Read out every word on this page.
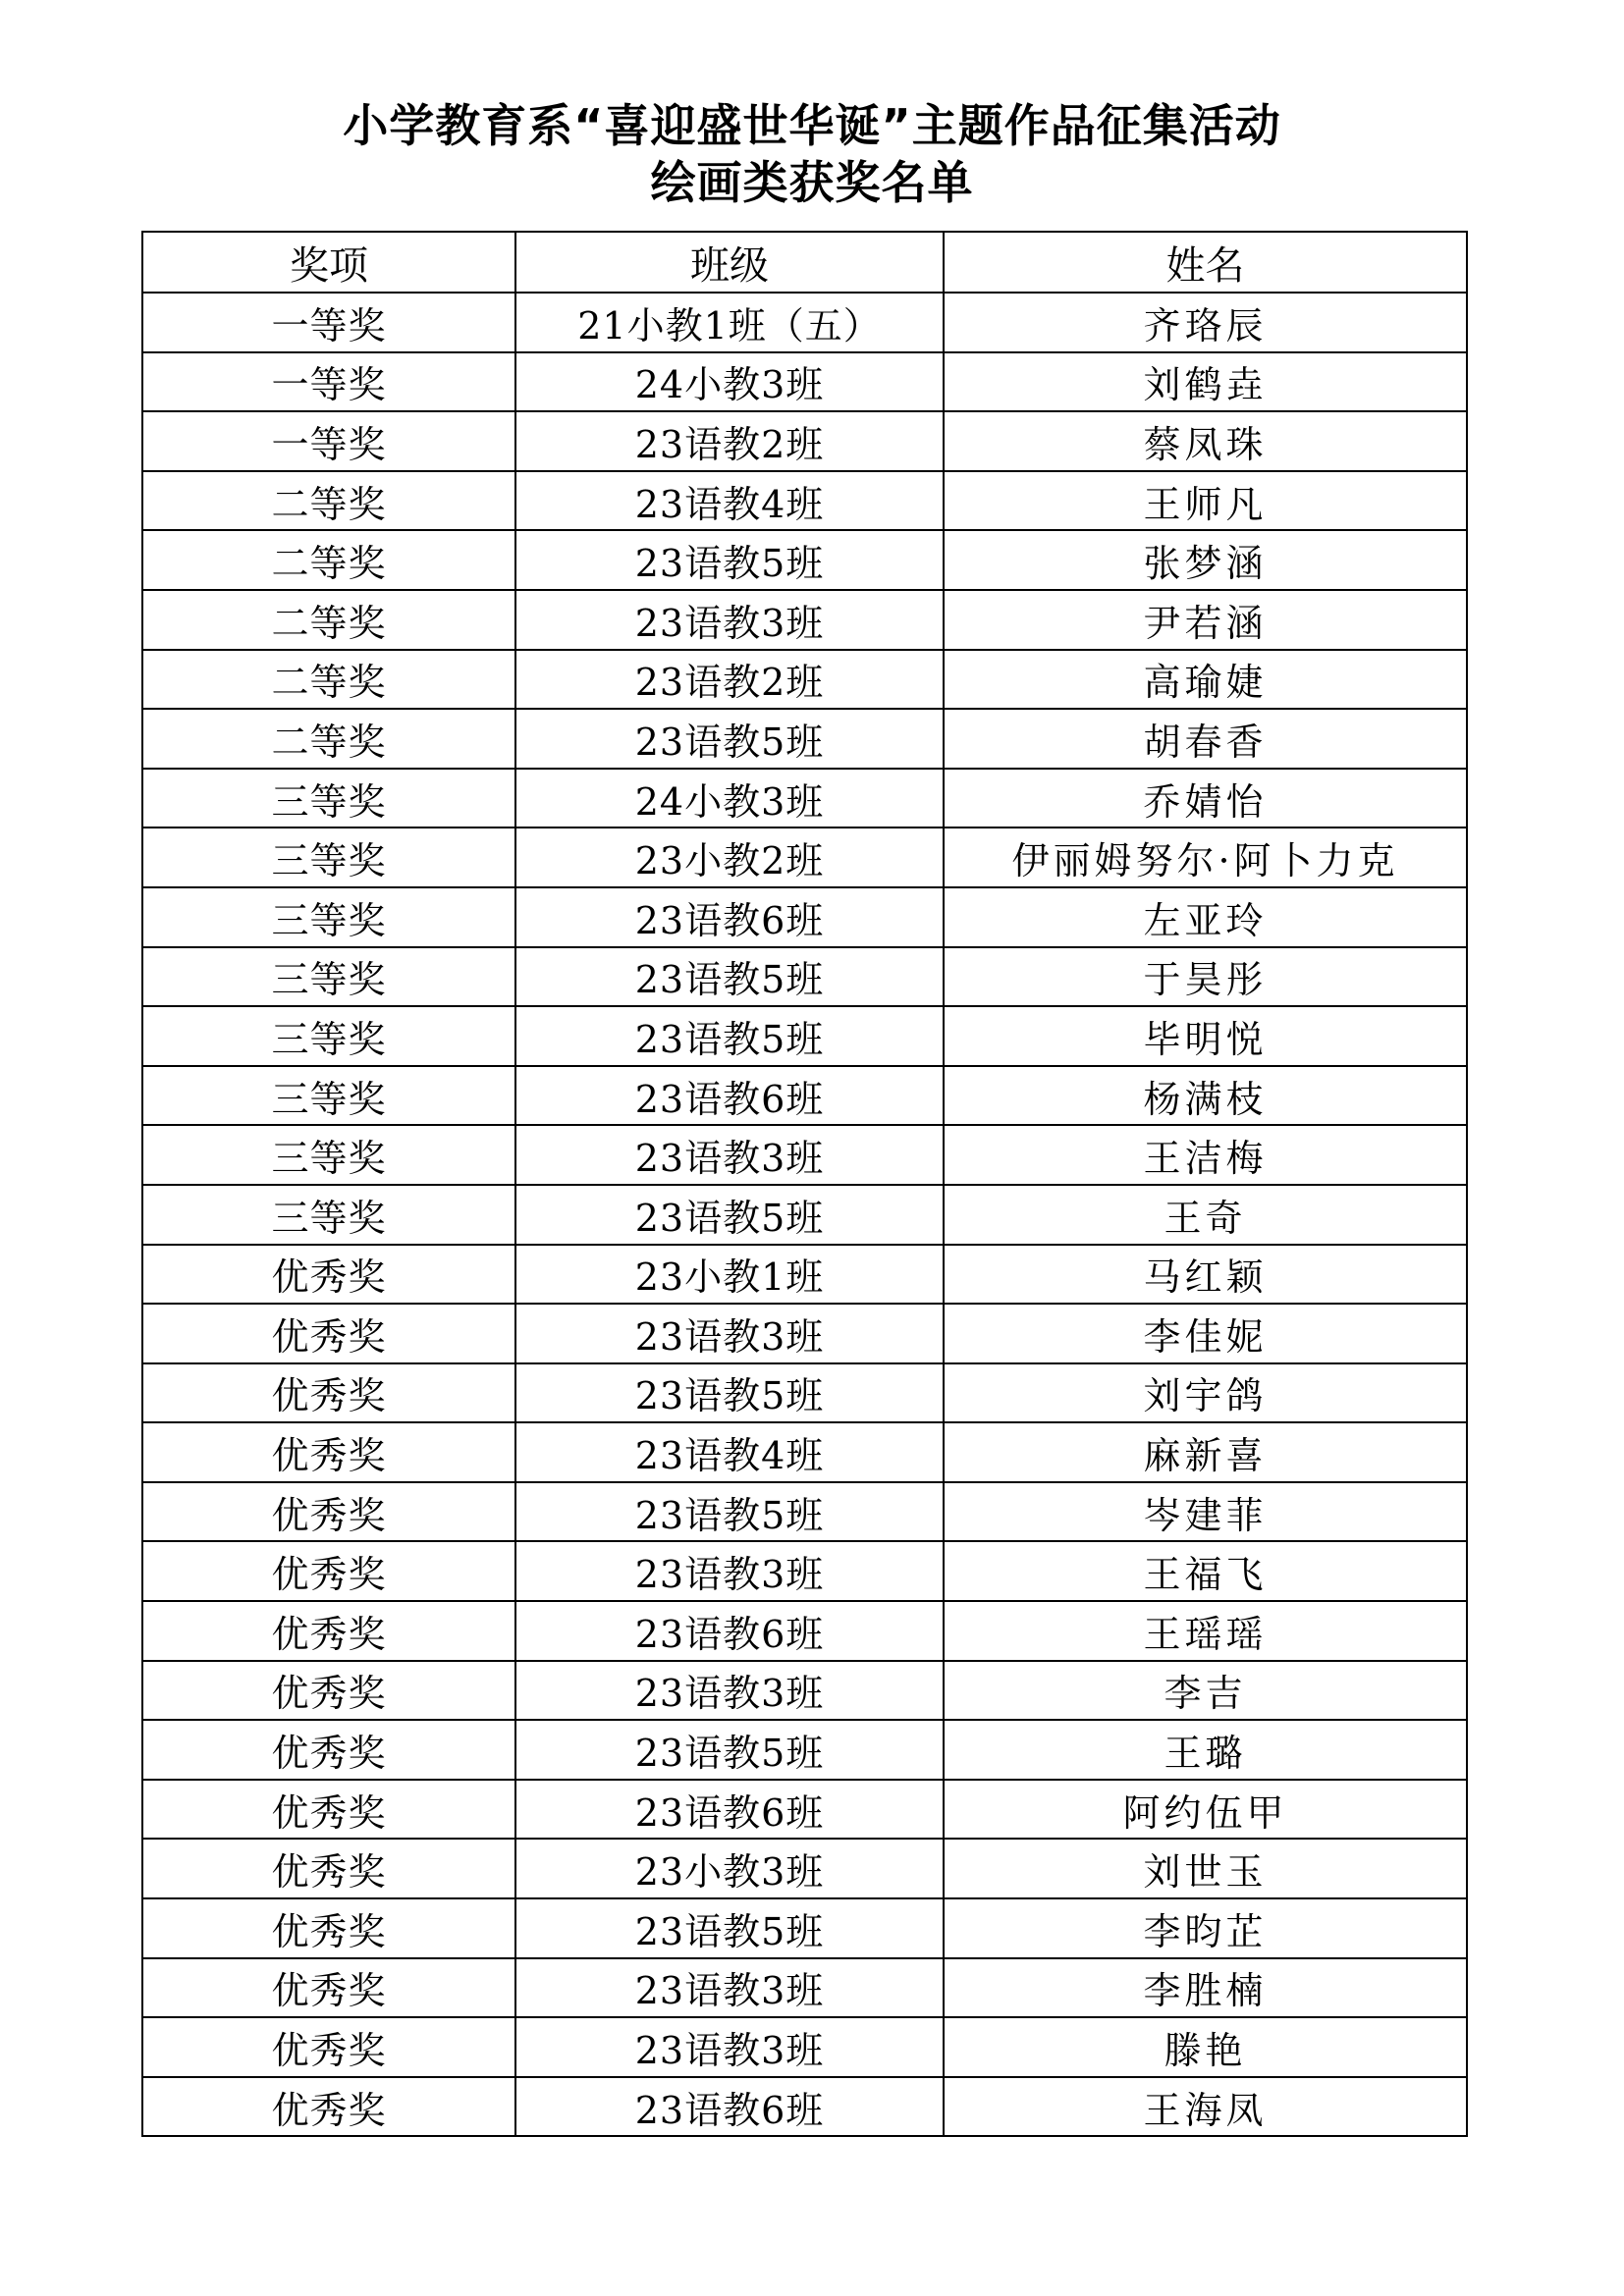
小学教育系“喜迎盛世华诞”主题作品征集活动
绘画类获奖名单
奖项	班级	姓名
一等奖	21小教1班（五）	齐珞辰
一等奖	24小教3班	刘鹤垚
一等奖	23语教2班	蔡凤珠
二等奖	23语教4班	王师凡
二等奖	23语教5班	张梦涵
二等奖	23语教3班	尹若涵
二等奖	23语教2班	高瑜婕
二等奖	23语教5班	胡春香
三等奖	24小教3班	乔婧怡
三等奖	23小教2班	伊丽姆努尔·阿卜力克
三等奖	23语教6班	左亚玲
三等奖	23语教5班	于昊彤
三等奖	23语教5班	毕明悦
三等奖	23语教6班	杨满枝
三等奖	23语教3班	王洁梅
三等奖	23语教5班	王奇
优秀奖	23小教1班	马红颖
优秀奖	23语教3班	李佳妮
优秀奖	23语教5班	刘宇鸽
优秀奖	23语教4班	麻新喜
优秀奖	23语教5班	岑建菲
优秀奖	23语教3班	王福飞
优秀奖	23语教6班	王瑶瑶
优秀奖	23语教3班	李吉
优秀奖	23语教5班	王璐
优秀奖	23语教6班	阿约伍甲
优秀奖	23小教3班	刘世玉
优秀奖	23语教5班	李昀芷
优秀奖	23语教3班	李胜楠
优秀奖	23语教3班	滕艳
优秀奖	23语教6班	王海凤
